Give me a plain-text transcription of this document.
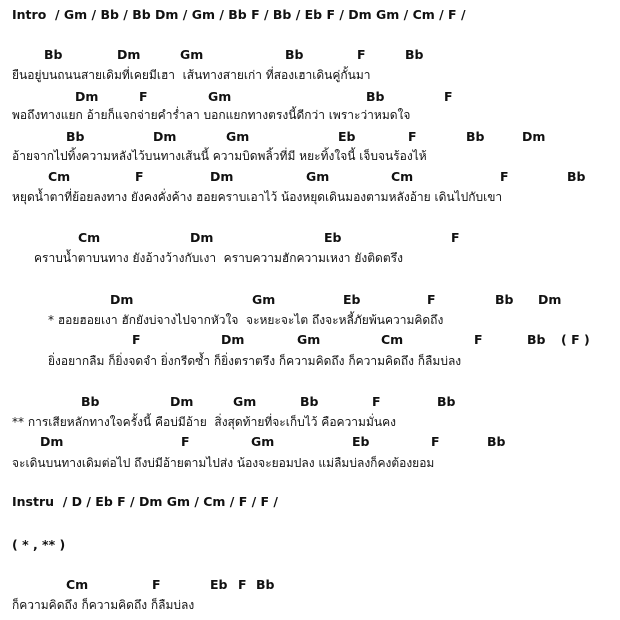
Intro  / Gm / Bb / Bb Dm / Gm / Bb F / Bb / Eb F / Dm Gm / Cm / F /
Bb	Dm	Gm	Bb	F	Bb
ยืนอยู่บนถนนสายเดิมที่เคยมีเฮา  เส้นทางสายเก่า ที่สองเฮาเดินคู่กั้นมา
Dm	F	Gm	Bb	F
พอถึงทางแยก อ้ายก็แจกจ่ายคำร่ำลา บอกแยกทางตรงนี้ดีกว่า เพราะว่าหมดใจ
Bb	Dm	Gm	Eb	F	Bb	Dm
อ้ายจากไปทิ้งความหลังไว้บนทางเส้นนี้ ความบิดพลิ้วที่มี หยะทิ้งใจนี้ เจ็บจนร้องไห้
Cm	F	Dm	Gm	Cm	F	Bb
หยุดน้ำตาที่ย้อยลงทาง ยังคงคั่งค้าง ฮอยคราบเอาไว้ น้องหยุดเดินมองตามหลังอ้าย เดินไปกับเขา
Cm	Dm	Eb	F
คราบน้ำตาบนทาง ยังอ้างว้างกับเงา  คราบความฮักความเหงา ยังติดตรึง
Dm	Gm	Eb	F	Bb Dm
* ฮอยฮอยเงา ฮักยังบ่จางไปจากหัวใจ  จะหยะจะไต ถึงจะหลี้ภัยพ้นความคิดถึง
F	Dm	Gm	Cm	F	Bb ( F )
ยิ่งอยากลืม ก็ยิ่งจดจำ ยิ่งกรีดซ้ำ ก็ยิ่งตราตรึง ก็ความคิดถึง ก็ความคิดถึง ก็ลืมบ่ลง
Bb	Dm	Gm	Bb	F	Bb
** การเสียหลักทางใจครั้งนี้ คือบ่มีอ้าย  สิ่งสุดท้ายที่จะเก็บไว้ คือความมั่นคง
Dm	F	Gm	Eb	F	Bb
จะเดินบนทางเดิมต่อไป ถึงบ่มีอ้ายตามไปส่ง น้องจะยอมปลง แม่ลืมบ่ลงก็คงต้องยอม
Instru  / D / Eb F / Dm Gm / Cm / F / F /
( * , ** )
Cm	F	Eb F Bb
ก็ความคิดถึง ก็ความคิดถึง ก็ลืมบ่ลง
